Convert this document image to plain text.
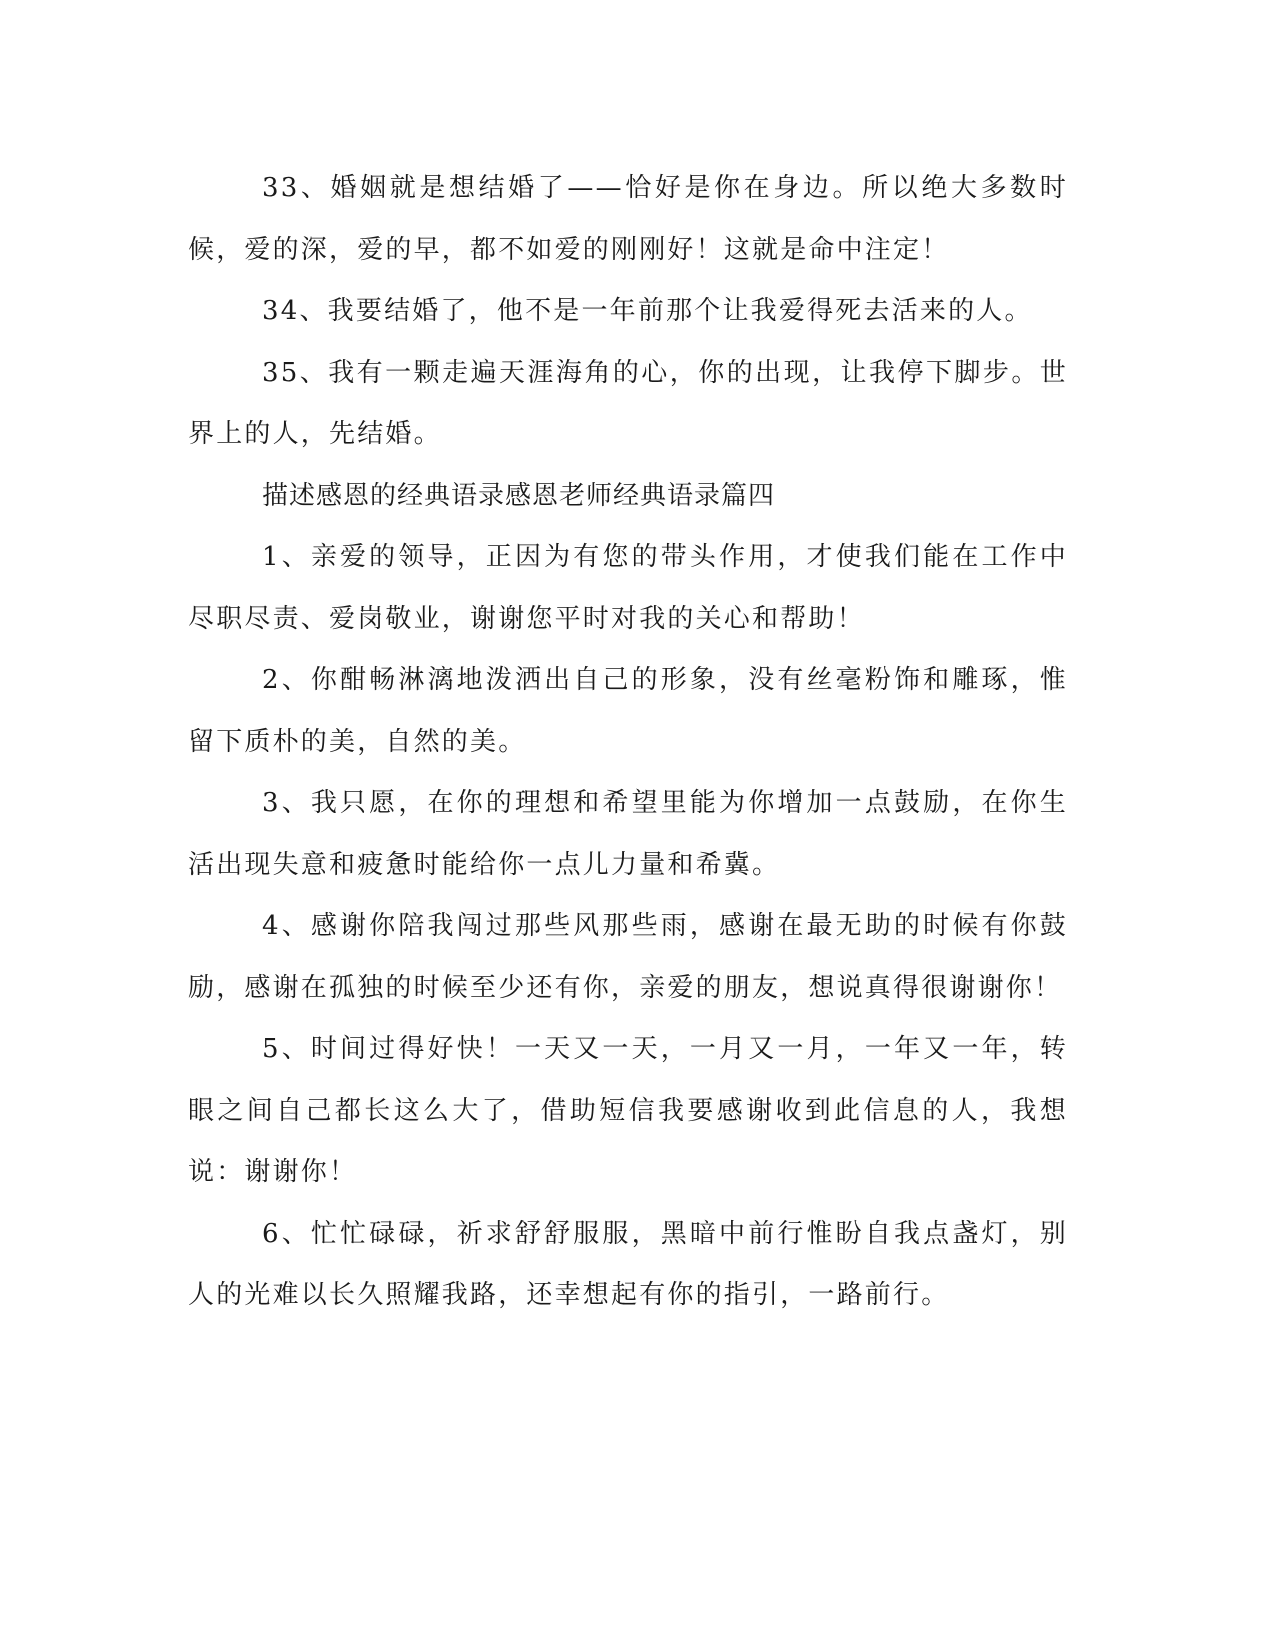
33、婚姻就是想结婚了——恰好是你在身边。所以绝大多数时候，爱的深，爱的早，都不如爱的刚刚好！这就是命中注定！

34、我要结婚了，他不是一年前那个让我爱得死去活来的人。

35、我有一颗走遍天涯海角的心，你的出现，让我停下脚步。世界上的人，先结婚。

描述感恩的经典语录感恩老师经典语录篇四

1、亲爱的领导，正因为有您的带头作用，才使我们能在工作中尽职尽责、爱岗敬业，谢谢您平时对我的关心和帮助！

2、你酣畅淋漓地泼洒出自己的形象，没有丝毫粉饰和雕琢，惟留下质朴的美，自然的美。

3、我只愿，在你的理想和希望里能为你增加一点鼓励，在你生活出现失意和疲惫时能给你一点儿力量和希冀。

4、感谢你陪我闯过那些风那些雨，感谢在最无助的时候有你鼓励，感谢在孤独的时候至少还有你，亲爱的朋友，想说真得很谢谢你！

5、时间过得好快！一天又一天，一月又一月，一年又一年，转眼之间自己都长这么大了，借助短信我要感谢收到此信息的人，我想说：谢谢你！

6、忙忙碌碌，祈求舒舒服服，黑暗中前行惟盼自我点盏灯，别人的光难以长久照耀我路，还幸想起有你的指引，一路前行。
